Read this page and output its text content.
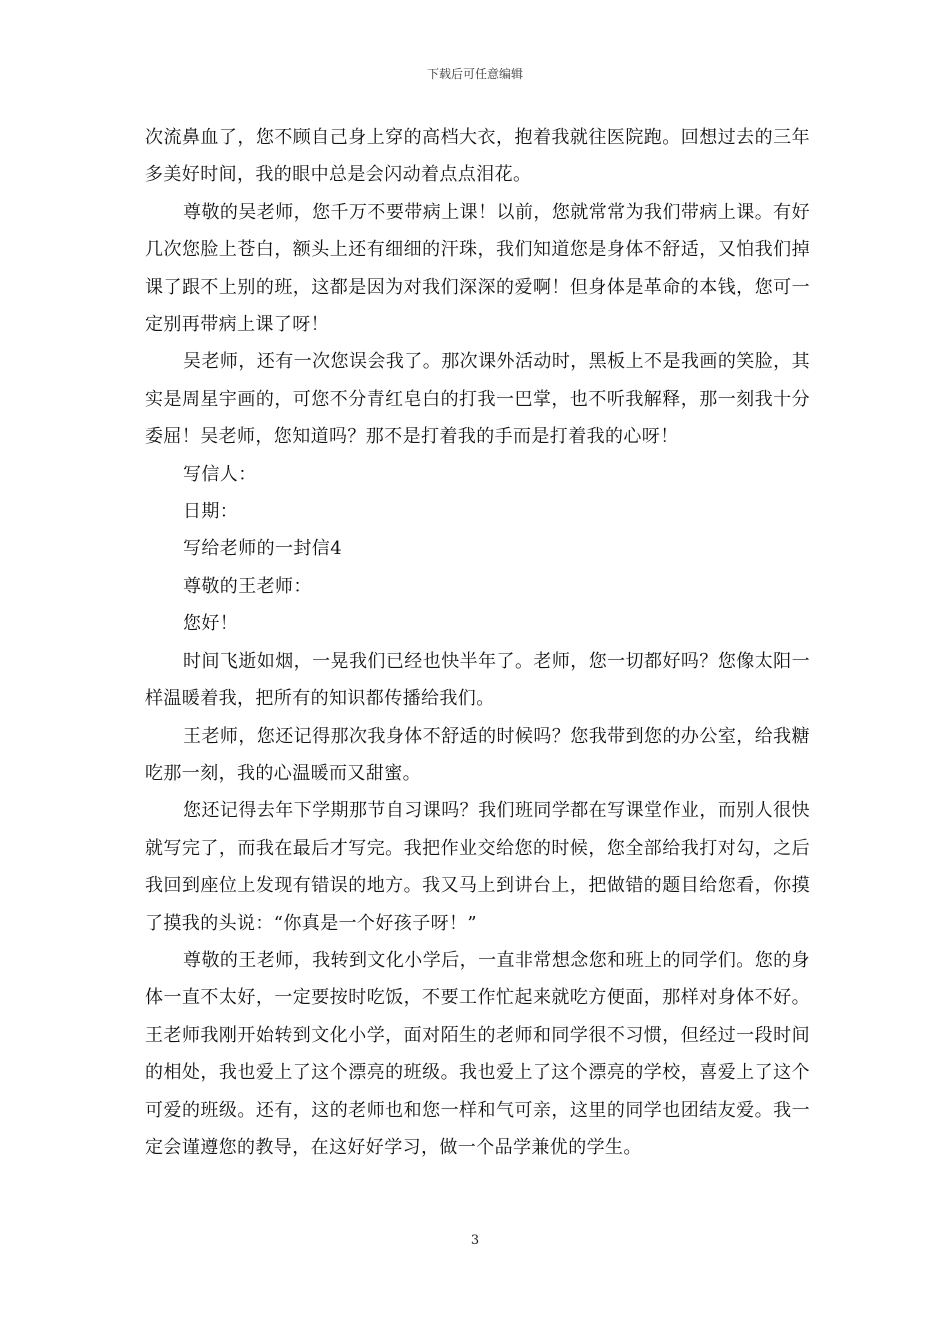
下载后可任意编辑

次流鼻血了，您不顾自己身上穿的高档大衣，抱着我就往医院跑。回想过去的三年多美好时间，我的眼中总是会闪动着点点泪花。

尊敬的吴老师，您千万不要带病上课！以前，您就常常为我们带病上课。有好几次您脸上苍白，额头上还有细细的汗珠，我们知道您是身体不舒适，又怕我们掉课了跟不上别的班，这都是因为对我们深深的爱啊！但身体是革命的本钱，您可一定别再带病上课了呀！

吴老师，还有一次您误会我了。那次课外活动时，黑板上不是我画的笑脸，其实是周星宇画的，可您不分青红皂白的打我一巴掌，也不听我解释，那一刻我十分委屈！吴老师，您知道吗？那不是打着我的手而是打着我的心呀！

写信人：

日期：

写给老师的一封信4

尊敬的王老师：

您好！

时间飞逝如烟，一晃我们已经也快半年了。老师，您一切都好吗？您像太阳一样温暖着我，把所有的知识都传播给我们。

王老师，您还记得那次我身体不舒适的时候吗？您我带到您的办公室，给我糖吃那一刻，我的心温暖而又甜蜜。

您还记得去年下学期那节自习课吗？我们班同学都在写课堂作业，而别人很快就写完了，而我在最后才写完。我把作业交给您的时候，您全部给我打对勾，之后我回到座位上发现有错误的地方。我又马上到讲台上，把做错的题目给您看，你摸了摸我的头说：“你真是一个好孩子呀！”

尊敬的王老师，我转到文化小学后，一直非常想念您和班上的同学们。您的身体一直不太好，一定要按时吃饭，不要工作忙起来就吃方便面，那样对身体不好。王老师我刚开始转到文化小学，面对陌生的老师和同学很不习惯，但经过一段时间的相处，我也爱上了这个漂亮的班级。我也爱上了这个漂亮的学校，喜爱上了这个可爱的班级。还有，这的老师也和您一样和气可亲，这里的同学也团结友爱。我一定会谨遵您的教导，在这好好学习，做一个品学兼优的学生。

3
